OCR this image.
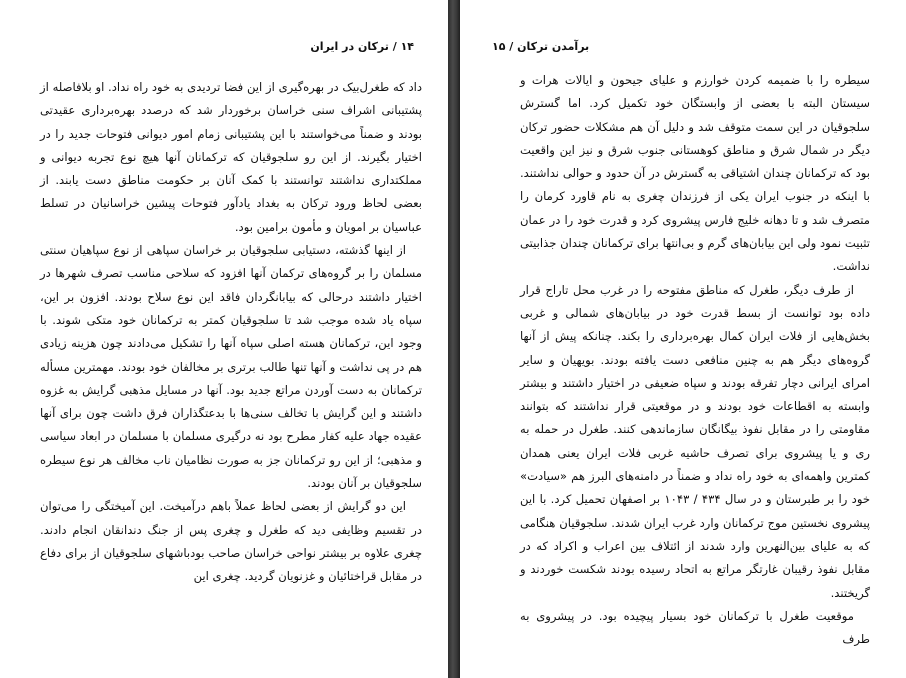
۱۴ / ترکان در ایران

داد که طغرل‌بیک در بهره‌گیری از این فضا تردیدی به خود راه نداد. او بلافاصله از پشتیبانی اشراف سنی خراسان برخوردار شد که درصدد بهره‌برداری عقیدتی بودند و ضمناً می‌خواستند با این پشتیبانی زمام امور دیوانی فتوحات جدید را در اختیار بگیرند. از این رو سلجوقیان که ترکمانان آنها هیچ نوع تجربه دیوانی و مملکتداری نداشتند توانستند با کمک آنان بر حکومت مناطق دست یابند. از بعضی لحاظ ورود ترکان به بغداد یادآور فتوحات پیشین خراسانیان در تسلط عباسیان بر امویان و مأمون برامین بود.

از اینها گذشته، دستیابی سلجوقیان بر خراسان سپاهی از نوع سپاهیان سنتی مسلمان را بر گروه‌های ترکمان آنها افزود که سلاحی مناسب تصرف شهرها در اختیار داشتند درحالی که بیابانگردان فاقد این نوع سلاح بودند. افزون بر این، سپاه یاد شده موجب شد تا سلجوقیان کمتر به ترکمانان خود متکی شوند. با وجود این، ترکمانان هسته اصلی سپاه آنها را تشکیل می‌دادند چون هزینه زیادی هم در پی نداشت و آنها تنها طالب برتری بر مخالفان خود بودند. مهمترین مسأله ترکمانان به دست آوردن مراتع جدید بود. آنها در مسایل مذهبی گرایش به غزوه داشتند و این گرایش با تخالف سنی‌ها با بدعتگذاران فرق داشت چون برای آنها عقیده جهاد علیه کفار مطرح بود نه درگیری مسلمان با مسلمان در ابعاد سیاسی و مذهبی؛ از این رو ترکمانان جز به صورت نظامیان ناب مخالف هر نوع سیطره سلجوقیان بر آنان بودند.

این دو گرایش از بعضی لحاظ عملاً باهم درآمیخت. این آمیختگی را می‌توان در تقسیم وظایفی دید که طغرل و چغری پس از جنگ دندانقان انجام دادند. چغری علاوه بر بیشتر نواحی خراسان صاحب بودباشهای سلجوقیان از برای دفاع در مقابل قراختائیان و غزنویان گردید. چغری این

۱۵ / برآمدن ترکان

سیطره را با ضمیمه کردن خوارزم و علیای جیحون و ایالات هرات و سیستان البته با بعضی از وابستگان خود تکمیل کرد. اما گسترش سلجوقیان در این سمت متوقف شد و دلیل آن هم مشکلات حضور ترکان دیگر در شمال شرق و مناطق کوهستانی جنوب شرق و نیز این واقعیت بود که ترکمانان چندان اشتیاقی به گسترش در آن حدود و حوالی نداشتند. با اینکه در جنوب ایران یکی از فرزندان چغری به نام قاورد کرمان را متصرف شد و تا دهانه خلیج فارس پیشروی کرد و قدرت خود را در عمان تثبیت نمود ولی این بیابان‌های گرم و بی‌انتها برای ترکمانان چندان جذابیتی نداشت.

از طرف دیگر، طغرل که مناطق مفتوحه را در غرب محل تاراج قرار داده بود توانست از بسط قدرت خود در بیابان‌های شمالی و غربی بخش‌هایی از فلات ایران کمال بهره‌برداری را بکند. چنانکه پیش از آنها گروه‌های دیگر هم به چنین منافعی دست یافته بودند. بویهیان و سایر امرای ایرانی دچار تفرقه بودند و سپاه ضعیفی در اختیار داشتند و بیشتر وابسته به اقطاعات خود بودند و در موقعیتی قرار نداشتند که بتوانند مقاومتی را در مقابل نفوذ بیگانگان سازماندهی کنند. طغرل در حمله به ری و یا پیشروی برای تصرف حاشیه غربی فلات ایران یعنی همدان کمترین واهمه‌ای به خود راه نداد و ضمناً در دامنه‌های البرز هم «سیادت» خود را بر طبرستان و در سال ۴۳۴ / ۱۰۴۳ بر اصفهان تحمیل کرد. با این پیشروی نخستین موج ترکمانان وارد غرب ایران شدند. سلجوقیان هنگامی که به علیای بین‌النهرین وارد شدند از ائتلاف بین اعراب و اکراد که در مقابل نفوذ رقیبان غارتگر مراتع به اتحاد رسیده بودند شکست خوردند و گریختند.

موقعیت طغرل با ترکمانان خود بسیار پیچیده بود. در پیشروی به طرف
